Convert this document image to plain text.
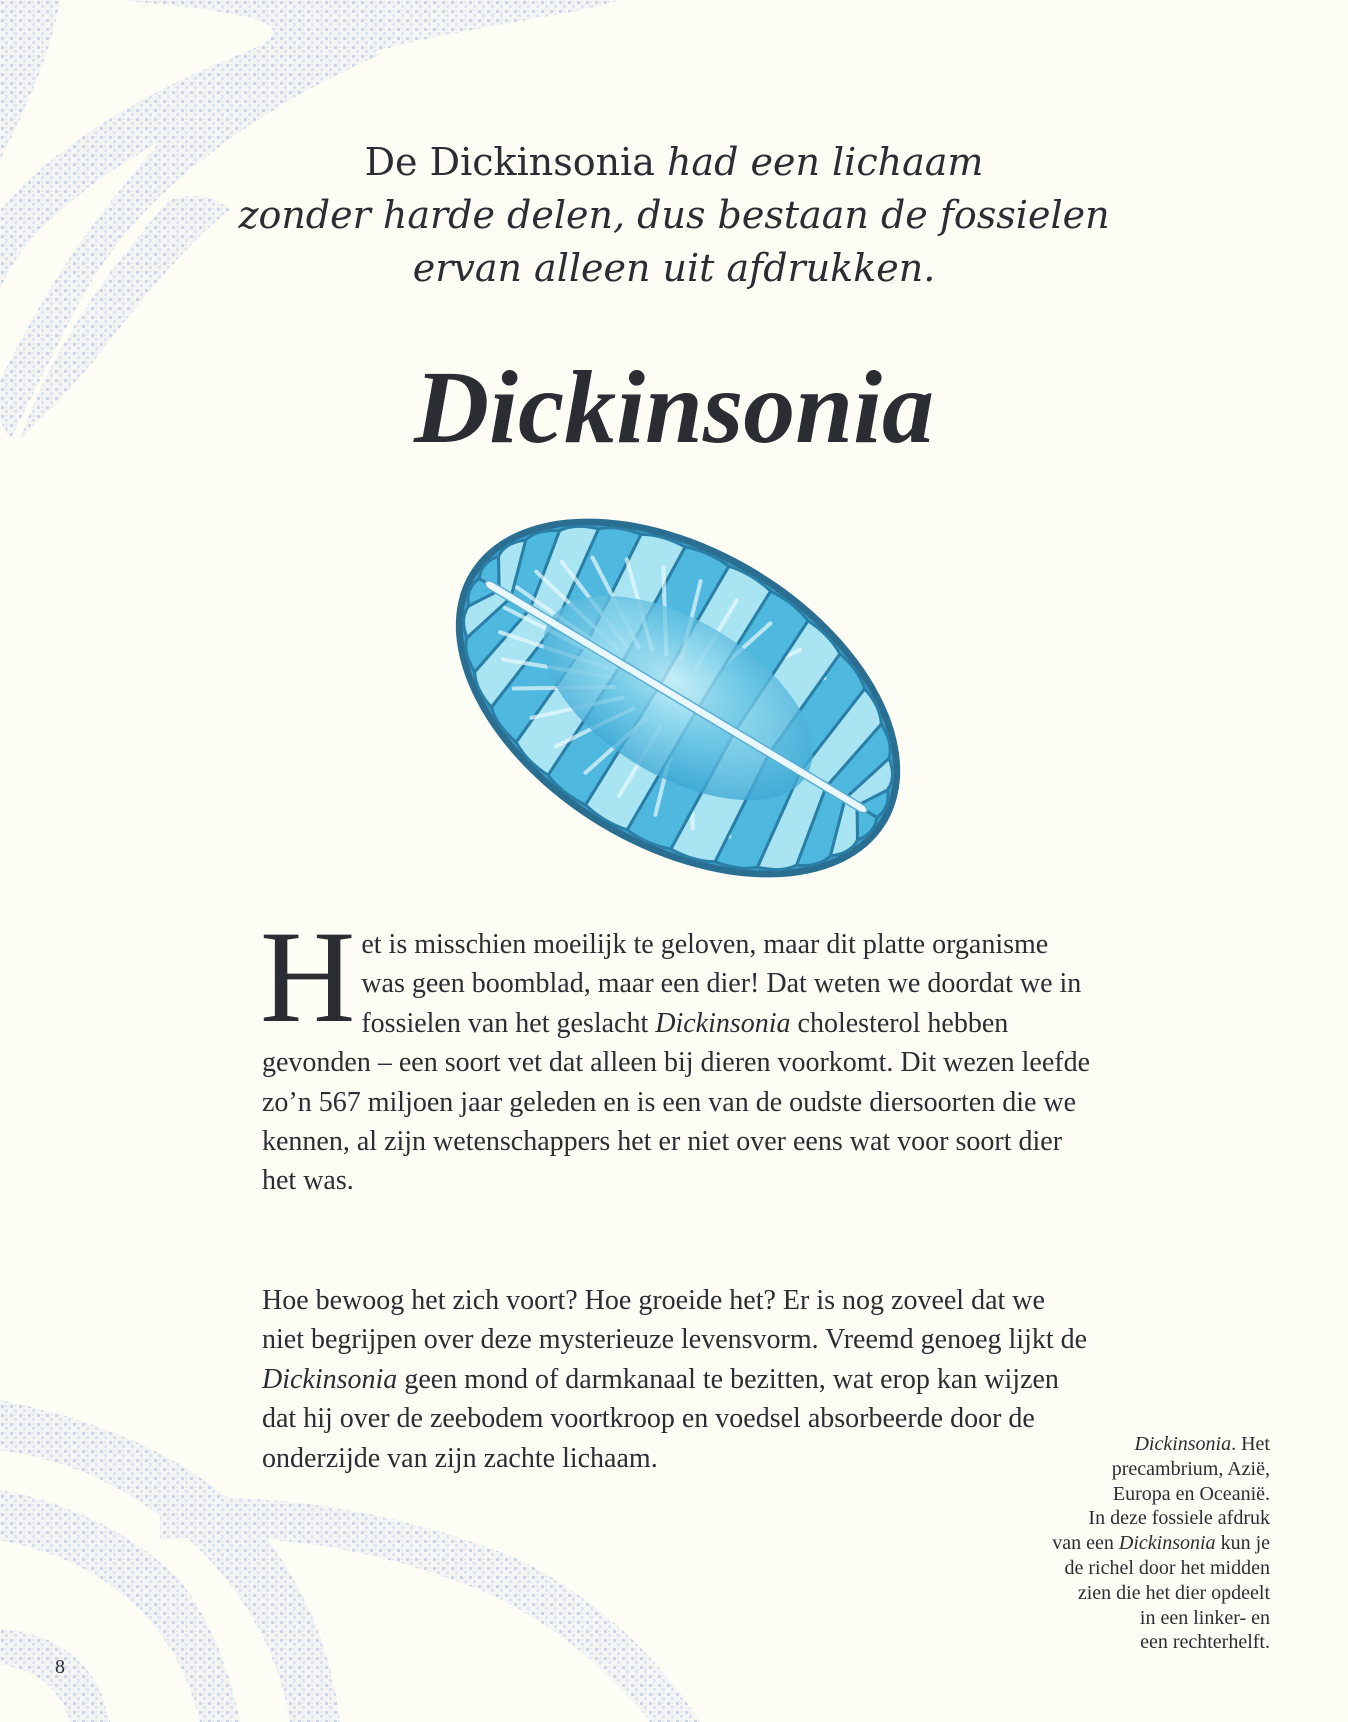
De Dickinsonia had een lichaam
zonder harde delen, dus bestaan de fossielen
ervan alleen uit afdrukken.

Dickinsonia

Het is misschien moeilijk te geloven, maar dit platte organisme was geen boomblad, maar een dier! Dat weten we doordat we in fossielen van het geslacht Dickinsonia cholesterol hebben gevonden – een soort vet dat alleen bij dieren voorkomt. Dit wezen leefde zo’n 567 miljoen jaar geleden en is een van de oudste diersoorten die we kennen, al zijn wetenschappers het er niet over eens wat voor soort dier het was.

Hoe bewoog het zich voort? Hoe groeide het? Er is nog zoveel dat we niet begrijpen over deze mysterieuze levensvorm. Vreemd genoeg lijkt de Dickinsonia geen mond of darmkanaal te bezitten, wat erop kan wijzen dat hij over de zeebodem voortkroop en voedsel absorbeerde door de onderzijde van zijn zachte lichaam.	Dickinsonia. Het
precambrium, Azië,
Europa en Oceanië.
In deze fossiele afdruk
van een Dickinsonia kun je
de richel door het midden
zien die het dier opdeelt
in een linker- en
een rechterhelft.

8
